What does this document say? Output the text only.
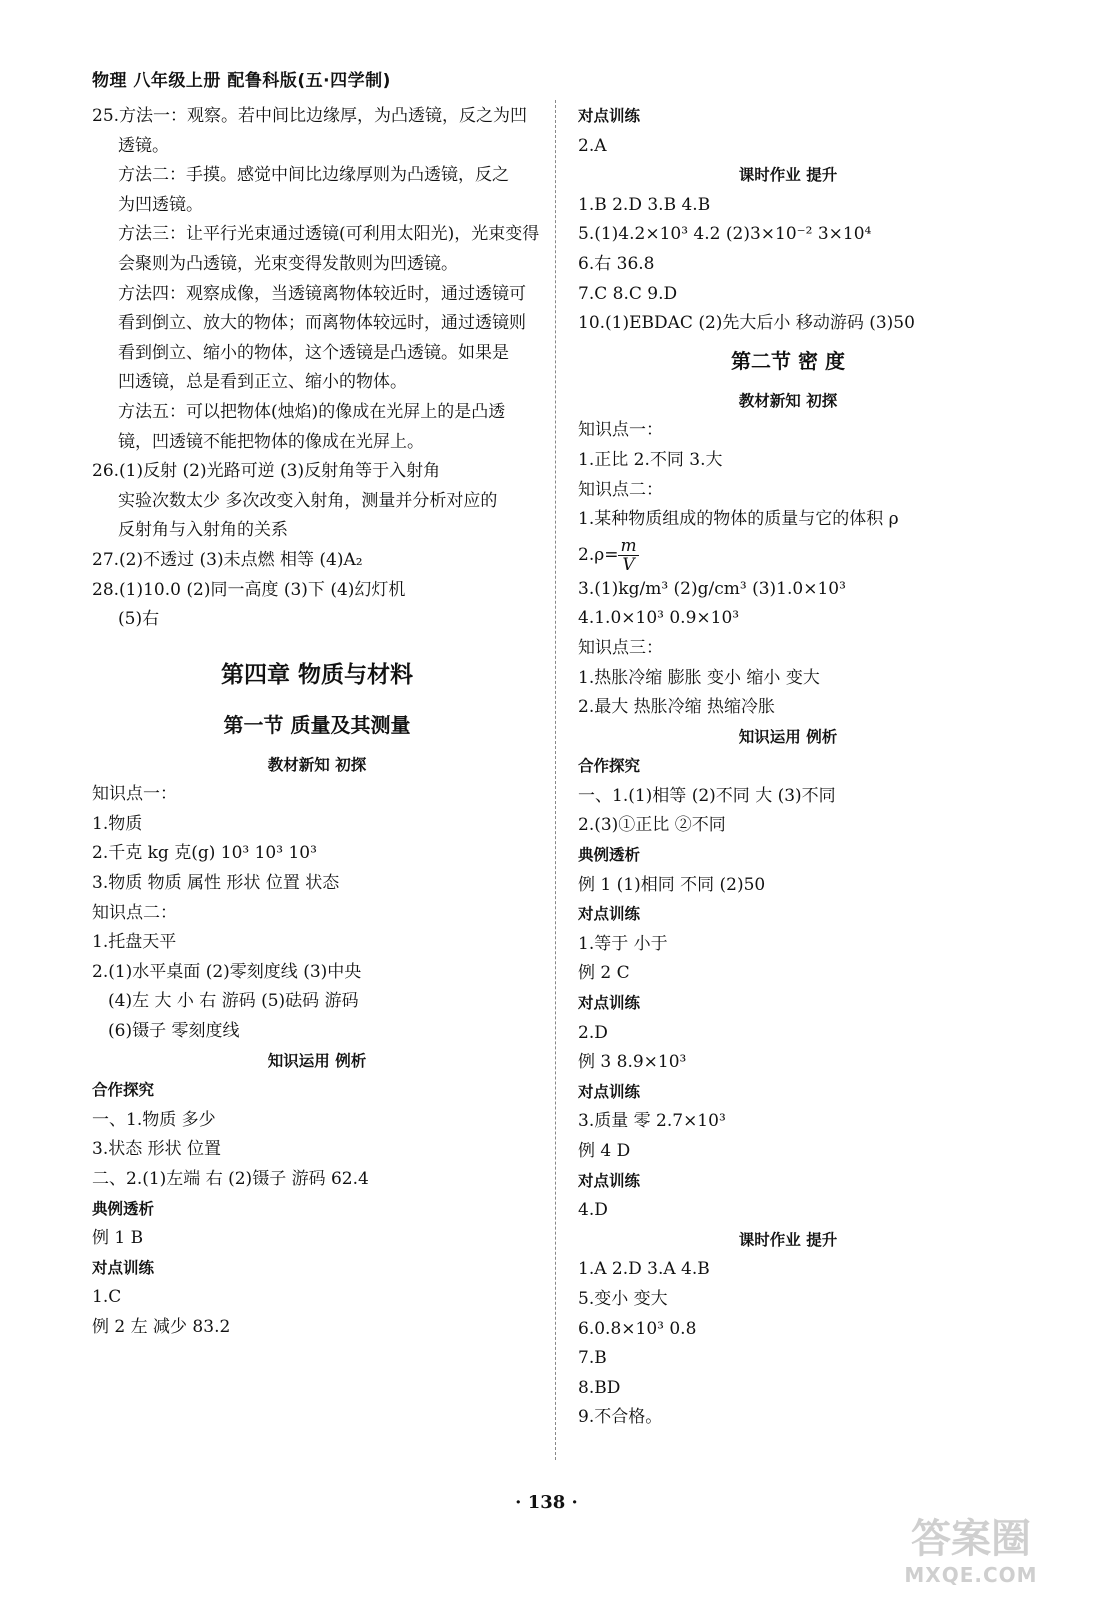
物理 八年级上册 配鲁科版(五·四学制)
25.方法一：观察。若中间比边缘厚，为凸透镜，反之为凹
透镜。
方法二：手摸。感觉中间比边缘厚则为凸透镜，反之
为凹透镜。
方法三：让平行光束通过透镜(可利用太阳光)，光束变得
会聚则为凸透镜，光束变得发散则为凹透镜。
方法四：观察成像，当透镜离物体较近时，通过透镜可
看到倒立、放大的物体；而离物体较远时，通过透镜则
看到倒立、缩小的物体，这个透镜是凸透镜。如果是
凹透镜，总是看到正立、缩小的物体。
方法五：可以把物体(烛焰)的像成在光屏上的是凸透
镜，凹透镜不能把物体的像成在光屏上。
26.(1)反射 (2)光路可逆 (3)反射角等于入射角
实验次数太少 多次改变入射角，测量并分析对应的
反射角与入射角的关系
27.(2)不透过 (3)未点燃 相等 (4)A₂
28.(1)10.0 (2)同一高度 (3)下 (4)幻灯机
(5)右
第四章 物质与材料
第一节 质量及其测量
教材新知 初探
知识点一：
1.物质
2.千克 kg 克(g) 10³ 10³ 10³
3.物质 物质 属性 形状 位置 状态
知识点二：
1.托盘天平
2.(1)水平桌面 (2)零刻度线 (3)中央
(4)左 大 小 右 游码 (5)砝码 游码
(6)镊子 零刻度线
知识运用 例析
合作探究
一、1.物质 多少
3.状态 形状 位置
二、2.(1)左端 右 (2)镊子 游码 62.4
典例透析
例 1 B
对点训练
1.C
例 2 左 减少 83.2
对点训练
2.A
课时作业 提升
1.B 2.D 3.B 4.B
5.(1)4.2×10³ 4.2 (2)3×10⁻² 3×10⁴
6.右 36.8
7.C 8.C 9.D
10.(1)EBDAC (2)先大后小 移动游码 (3)50
第二节 密 度
教材新知 初探
知识点一：
1.正比 2.不同 3.大
知识点二：
1.某种物质组成的物体的质量与它的体积 ρ
$2.\rho= \frac{m}{V}$
3.(1)kg/m³ (2)g/cm³ (3)1.0×10³
4.1.0×10³ 0.9×10³
知识点三：
1.热胀冷缩 膨胀 变小 缩小 变大
2.最大 热胀冷缩 热缩冷胀
知识运用 例析
合作探究
一、1.(1)相等 (2)不同 大 (3)不同
2.(3)①正比 ②不同
典例透析
例 1 (1)相同 不同 (2)50
对点训练
1.等于 小于
例 2 C
对点训练
2.D
例 3 8.9×10³
对点训练
3.质量 零 2.7×10³
例 4 D
对点训练
4.D
课时作业 提升
1.A 2.D 3.A 4.B
5.变小 变大
6.0.8×10³ 0.8
7.B
8.BD
9.不合格。
· 138 ·
答案圈
MXQE.COM
